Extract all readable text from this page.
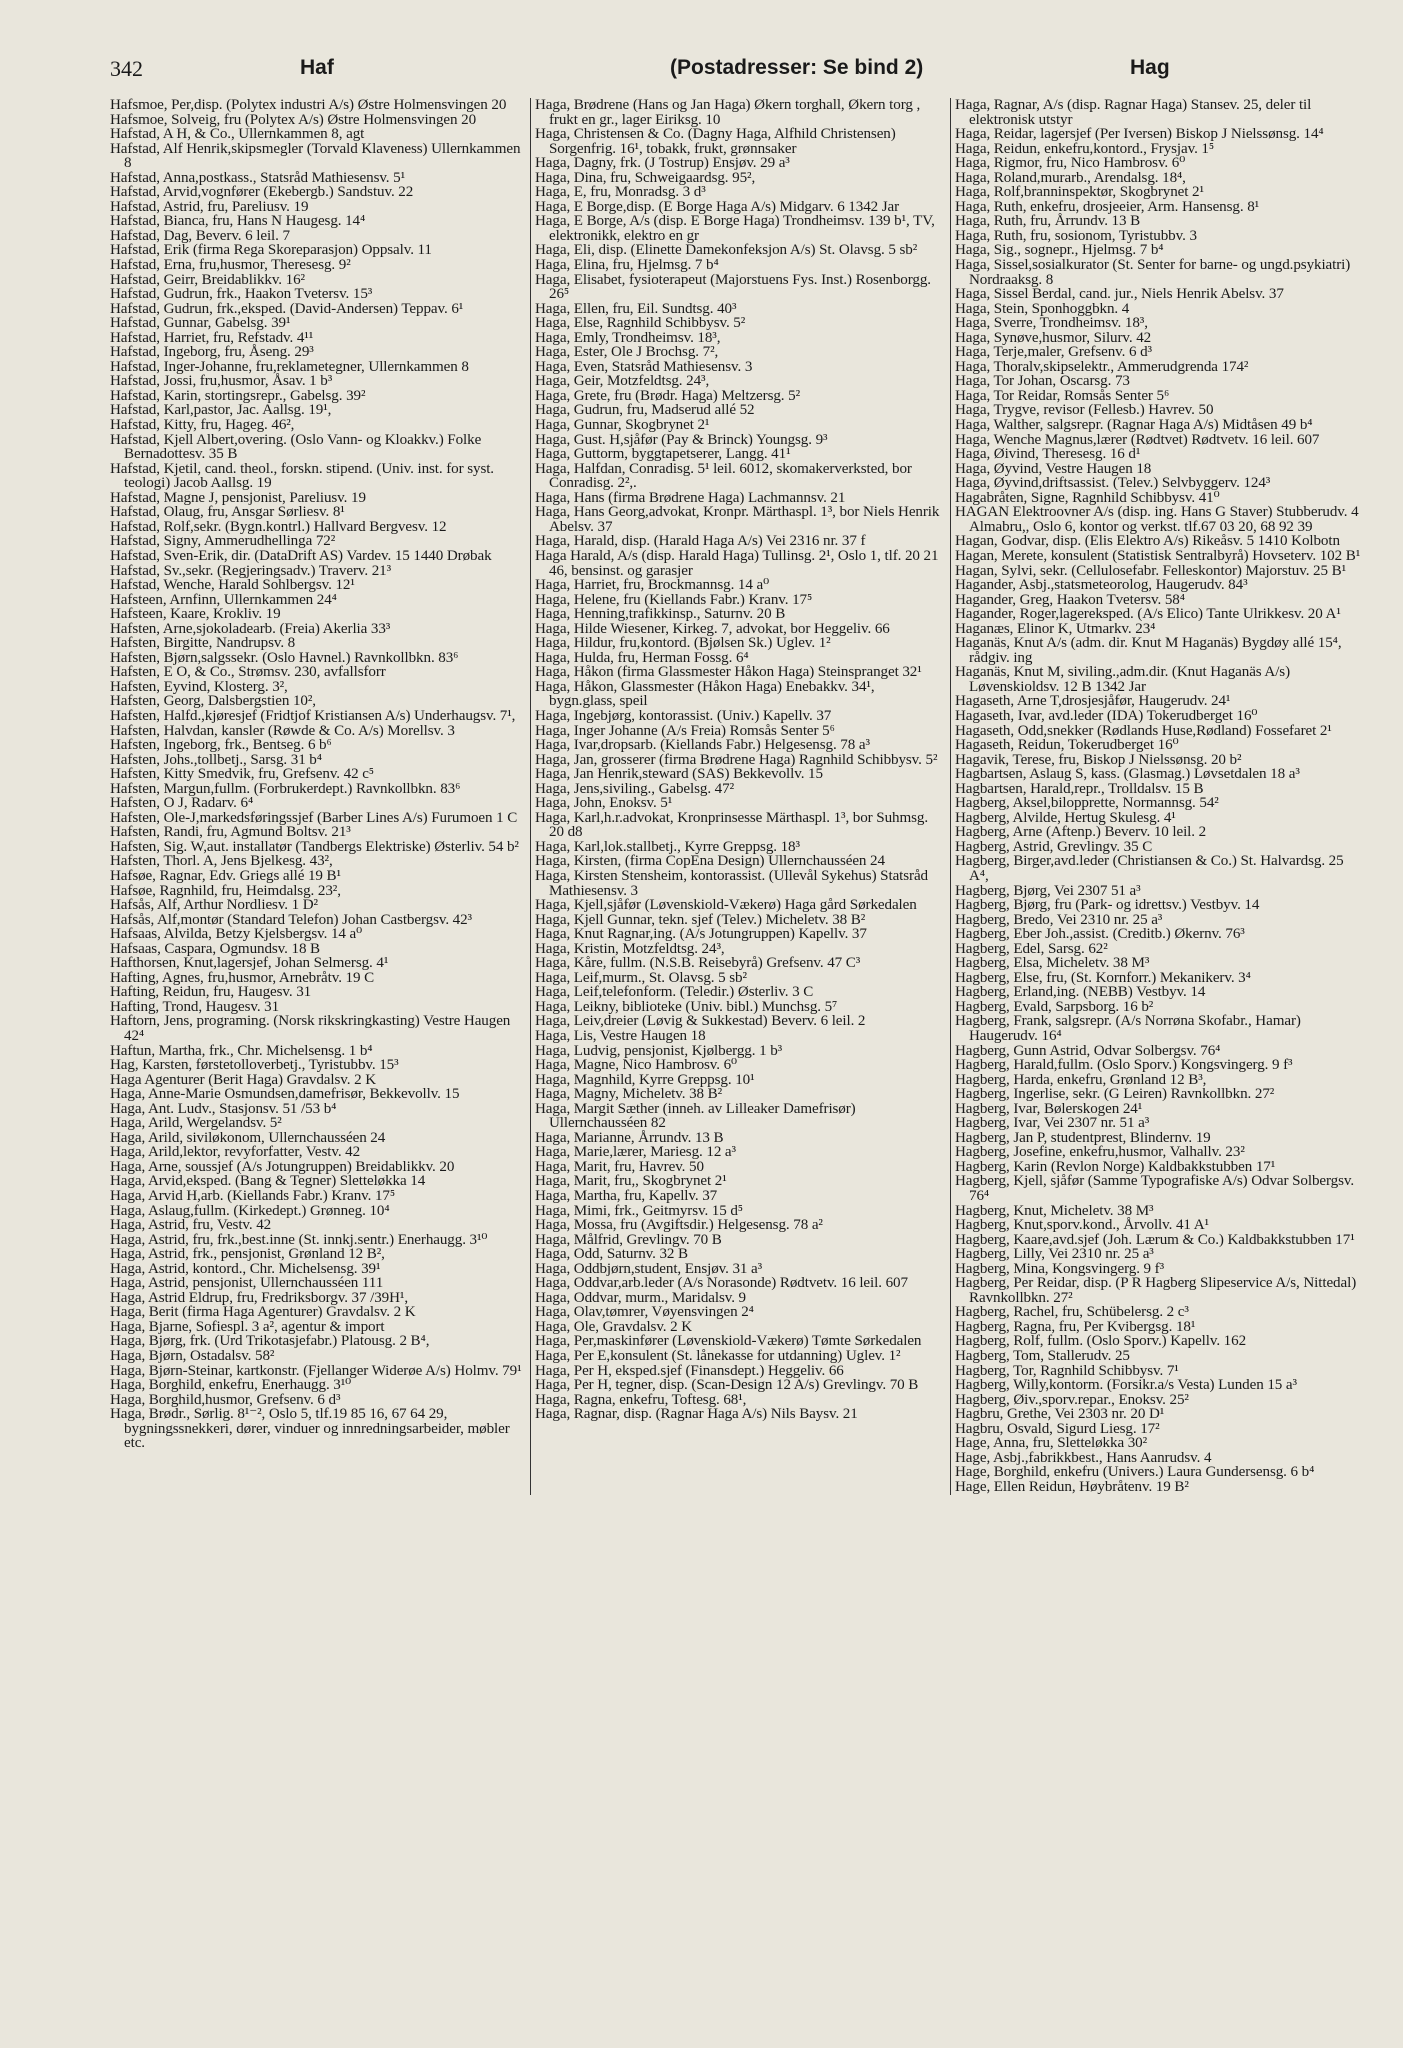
342	Haf	(Postadresser: Se bind 2)	Hag

Hafsmoe, Per,disp. (Polytex industri A/s) Østre Holmensvingen 20

Hafsmoe, Solveig, fru (Polytex A/s) Østre Holmensvingen 20

Hafstad, A H, & Co., Ullernkammen 8, agt

Hafstad, Alf Henrik,skipsmegler (Torvald Klaveness) Ullernkammen 8

Hafstad, Anna,postkass., Statsråd Mathiesensv. 5¹

Hafstad, Arvid,vognfører (Ekebergb.) Sandstuv. 22

Hafstad, Astrid, fru, Pareliusv. 19

Hafstad, Bianca, fru, Hans N Haugesg. 14⁴

Hafstad, Dag, Beverv. 6 leil. 7

Hafstad, Erik (firma Rega Skoreparasjon) Oppsalv. 11

Hafstad, Erna, fru,husmor, Theresesg. 9²

Hafstad, Geirr, Breidablikkv. 16²

Hafstad, Gudrun, frk., Haakon Tvetersv. 15³

Hafstad, Gudrun, frk.,eksped. (David-Andersen) Teppav. 6¹

Hafstad, Gunnar, Gabelsg. 39¹

Hafstad, Harriet, fru, Refstadv. 4¹¹

Hafstad, Ingeborg, fru, Åseng. 29³

Hafstad, Inger-Johanne, fru,reklametegner, Ullernkammen 8

Hafstad, Jossi, fru,husmor, Åsav. 1 b³

Hafstad, Karin, stortingsrepr., Gabelsg. 39²

Hafstad, Karl,pastor, Jac. Aallsg. 19¹,

Hafstad, Kitty, fru, Hageg. 46²,

Hafstad, Kjell Albert,overing. (Oslo Vann- og Kloakkv.) Folke Bernadottesv. 35 B

Hafstad, Kjetil, cand. theol., forskn. stipend. (Univ. inst. for syst. teologi) Jacob Aallsg. 19

Hafstad, Magne J, pensjonist, Pareliusv. 19

Hafstad, Olaug, fru, Ansgar Sørliesv. 8¹

Hafstad, Rolf,sekr. (Bygn.kontrl.) Hallvard Bergvesv. 12

Hafstad, Signy, Ammerudhellinga 72²

Hafstad, Sven-Erik, dir. (DataDrift AS) Vardev. 15 1440 Drøbak

Hafstad, Sv.,sekr. (Regjeringsadv.) Traverv. 21³

Hafstad, Wenche, Harald Sohlbergsv. 12¹

Hafsteen, Arnfinn, Ullernkammen 24⁴

Hafsteen, Kaare, Krokliv. 19

Hafsten, Arne,sjokoladearb. (Freia) Akerlia 33³

Hafsten, Birgitte, Nandrupsv. 8

Hafsten, Bjørn,salgssekr. (Oslo Havnel.) Ravnkollbkn. 83⁶

Hafsten, E O, & Co., Strømsv. 230, avfallsforr

Hafsten, Eyvind, Klosterg. 3²,

Hafsten, Georg, Dalsbergstien 10²,

Hafsten, Halfd.,kjøresjef (Fridtjof Kristiansen A/s) Underhaugsv. 7¹,

Hafsten, Halvdan, kansler (Røwde & Co. A/s) Morellsv. 3

Hafsten, Ingeborg, frk., Bentseg. 6 b⁶

Hafsten, Johs.,tollbetj., Sarsg. 31 b⁴

Hafsten, Kitty Smedvik, fru, Grefsenv. 42 c⁵

Hafsten, Margun,fullm. (Forbrukerdept.) Ravnkollbkn. 83⁶

Hafsten, O J, Radarv. 6⁴

Hafsten, Ole-J,markedsføringssjef (Barber Lines A/s) Furumoen 1 C

Hafsten, Randi, fru, Agmund Boltsv. 21³

Hafsten, Sig. W,aut. installatør (Tandbergs Elektriske) Østerliv. 54 b²

Hafsten, Thorl. A, Jens Bjelkesg. 43²,

Hafsøe, Ragnar, Edv. Griegs allé 19 B¹

Hafsøe, Ragnhild, fru, Heimdalsg. 23²,

Hafsås, Alf, Arthur Nordliesv. 1 D²

Hafsås, Alf,montør (Standard Telefon) Johan Castbergsv. 42³

Hafsaas, Alvilda, Betzy Kjelsbergsv. 14 a⁰

Hafsaas, Caspara, Ogmundsv. 18 B

Hafthorsen, Knut,lagersjef, Johan Selmersg. 4¹

Hafting, Agnes, fru,husmor, Arnebråtv. 19 C

Hafting, Reidun, fru, Haugesv. 31

Hafting, Trond, Haugesv. 31

Haftorn, Jens, programing. (Norsk rikskringkasting) Vestre Haugen 42⁴

Haftun, Martha, frk., Chr. Michelsensg. 1 b⁴

Hag, Karsten, førstetolloverbetj., Tyristubbv. 15³

Haga Agenturer (Berit Haga) Gravdalsv. 2 K

Haga, Anne-Marie Osmundsen,damefrisør, Bekkevollv. 15

Haga, Ant. Ludv., Stasjonsv. 51 /53 b⁴

Haga, Arild, Wergelandsv. 5²

Haga, Arild, siviløkonom, Ullernchausséen 24

Haga, Arild,lektor, revyforfatter, Vestv. 42

Haga, Arne, soussjef (A/s Jotungruppen) Breidablikkv. 20

Haga, Arvid,eksped. (Bang & Tegner) Sletteløkka 14

Haga, Arvid H,arb. (Kiellands Fabr.) Kranv. 17⁵

Haga, Aslaug,fullm. (Kirkedept.) Grønneg. 10⁴

Haga, Astrid, fru, Vestv. 42

Haga, Astrid, fru, frk.,best.inne (St. innkj.sentr.) Enerhaugg. 3¹⁰

Haga, Astrid, frk., pensjonist, Grønland 12 B²,

Haga, Astrid, kontord., Chr. Michelsensg. 39¹

Haga, Astrid, pensjonist, Ullernchausséen 111

Haga, Astrid Eldrup, fru, Fredriksborgv. 37 /39H¹,

Haga, Berit (firma Haga Agenturer) Gravdalsv. 2 K

Haga, Bjarne, Sofiespl. 3 a², agentur & import

Haga, Bjørg, frk. (Urd Trikotasjefabr.) Platousg. 2 B⁴,

Haga, Bjørn, Ostadalsv. 58²

Haga, Bjørn-Steinar, kartkonstr. (Fjellanger Widerøe A/s) Holmv. 79¹

Haga, Borghild, enkefru, Enerhaugg. 3¹⁰

Haga, Borghild,husmor, Grefsenv. 6 d³

Haga, Brødr., Sørlig. 8¹⁻², Oslo 5, tlf.19 85 16, 67 64 29, bygningssnekkeri, dører, vinduer og innredningsarbeider, møbler etc.

Haga, Brødrene (Hans og Jan Haga) Økern torghall, Økern torg , frukt en gr., lager Eiriksg. 10

Haga, Christensen & Co. (Dagny Haga, Alfhild Christensen) Sorgenfrig. 16¹, tobakk, frukt, grønnsaker

Haga, Dagny, frk. (J Tostrup) Ensjøv. 29 a³

Haga, Dina, fru, Schweigaardsg. 95²,

Haga, E, fru, Monradsg. 3 d³

Haga, E Borge,disp. (E Borge Haga A/s) Midgarv. 6 1342 Jar

Haga, E Borge, A/s (disp. E Borge Haga) Trondheimsv. 139 b¹, TV, elektronikk, elektro en gr

Haga, Eli, disp. (Elinette Damekonfeksjon A/s) St. Olavsg. 5 sb²

Haga, Elina, fru, Hjelmsg. 7 b⁴

Haga, Elisabet, fysioterapeut (Majorstuens Fys. Inst.) Rosenborgg. 26⁵

Haga, Ellen, fru, Eil. Sundtsg. 40³

Haga, Else, Ragnhild Schibbysv. 5²

Haga, Emly, Trondheimsv. 18³,

Haga, Ester, Ole J Brochsg. 7²,

Haga, Even, Statsråd Mathiesensv. 3

Haga, Geir, Motzfeldtsg. 24³,

Haga, Grete, fru (Brødr. Haga) Meltzersg. 5²

Haga, Gudrun, fru, Madserud allé 52

Haga, Gunnar, Skogbrynet 2¹

Haga, Gust. H,sjåfør (Pay & Brinck) Youngsg. 9³

Haga, Guttorm, byggtapetserer, Langg. 41¹

Haga, Halfdan, Conradisg. 5¹ leil. 6012, skomakerverksted, bor Conradisg. 2²,.

Haga, Hans (firma Brødrene Haga) Lachmannsv. 21

Haga, Hans Georg,advokat, Kronpr. Märthaspl. 1³, bor Niels Henrik Abelsv. 37

Haga, Harald, disp. (Harald Haga A/s) Vei 2316 nr. 37 f

Haga Harald, A/s (disp. Harald Haga) Tullinsg. 2¹, Oslo 1, tlf. 20 21 46, bensinst. og garasjer

Haga, Harriet, fru, Brockmannsg. 14 a⁰

Haga, Helene, fru (Kiellands Fabr.) Kranv. 17⁵

Haga, Henning,trafikkinsp., Saturnv. 20 B

Haga, Hilde Wiesener, Kirkeg. 7, advokat, bor Heggeliv. 66

Haga, Hildur, fru,kontord. (Bjølsen Sk.) Uglev. 1²

Haga, Hulda, fru, Herman Fossg. 6⁴

Haga, Håkon (firma Glassmester Håkon Haga) Steinspranget 32¹

Haga, Håkon, Glassmester (Håkon Haga) Enebakkv. 34¹, bygn.glass, speil

Haga, Ingebjørg, kontorassist. (Univ.) Kapellv. 37

Haga, Inger Johanne (A/s Freia) Romsås Senter 5⁶

Haga, Ivar,dropsarb. (Kiellands Fabr.) Helgesensg. 78 a³

Haga, Jan, grosserer (firma Brødrene Haga) Ragnhild Schibbysv. 5²

Haga, Jan Henrik,steward (SAS) Bekkevollv. 15

Haga, Jens,siviling., Gabelsg. 47²

Haga, John, Enoksv. 5¹

Haga, Karl,h.r.advokat, Kronprinsesse Märthaspl. 1³, bor Suhmsg. 20 d8

Haga, Karl,lok.stallbetj., Kyrre Greppsg. 18³

Haga, Kirsten, (firma CopEna Design) Ullernchausséen 24

Haga, Kirsten Stensheim, kontorassist. (Ullevål Sykehus) Statsråd Mathiesensv. 3

Haga, Kjell,sjåfør (Løvenskiold-Vækerø) Haga gård Sørkedalen

Haga, Kjell Gunnar, tekn. sjef (Telev.) Micheletv. 38 B²

Haga, Knut Ragnar,ing. (A/s Jotungruppen) Kapellv. 37

Haga, Kristin, Motzfeldtsg. 24³,

Haga, Kåre, fullm. (N.S.B. Reisebyrå) Grefsenv. 47 C³

Haga, Leif,murm., St. Olavsg. 5 sb²

Haga, Leif,telefonform. (Teledir.) Østerliv. 3 C

Haga, Leikny, biblioteke (Univ. bibl.) Munchsg. 5⁷

Haga, Leiv,dreier (Løvig & Sukkestad) Beverv. 6 leil. 2

Haga, Lis, Vestre Haugen 18

Haga, Ludvig, pensjonist, Kjølbergg. 1 b³

Haga, Magne, Nico Hambrosv. 6⁰

Haga, Magnhild, Kyrre Greppsg. 10¹

Haga, Magny, Micheletv. 38 B²

Haga, Margit Sæther (inneh. av Lilleaker Damefrisør) Ullernchausséen 82

Haga, Marianne, Årrundv. 13 B

Haga, Marie,lærer, Mariesg. 12 a³

Haga, Marit, fru, Havrev. 50

Haga, Marit, fru,, Skogbrynet 2¹

Haga, Martha, fru, Kapellv. 37

Haga, Mimi, frk., Geitmyrsv. 15 d⁵

Haga, Mossa, fru (Avgiftsdir.) Helgesensg. 78 a²

Haga, Målfrid, Grevlingv. 70 B

Haga, Odd, Saturnv. 32 B

Haga, Oddbjørn,student, Ensjøv. 31 a³

Haga, Oddvar,arb.leder (A/s Norasonde) Rødtvetv. 16 leil. 607

Haga, Oddvar, murm., Maridalsv. 9

Haga, Olav,tømrer, Vøyensvingen 2⁴

Haga, Ole, Gravdalsv. 2 K

Haga, Per,maskinfører (Løvenskiold-Vækerø) Tømte Sørkedalen

Haga, Per E,konsulent (St. lånekasse for utdanning) Uglev. 1²

Haga, Per H, eksped.sjef (Finansdept.) Heggeliv. 66

Haga, Per H, tegner, disp. (Scan-Design 12 A/s) Grevlingv. 70 B

Haga, Ragna, enkefru, Toftesg. 68¹,

Haga, Ragnar, disp. (Ragnar Haga A/s) Nils Baysv. 21

Haga, Ragnar, A/s (disp. Ragnar Haga) Stansev. 25, deler til elektronisk utstyr

Haga, Reidar, lagersjef (Per Iversen) Biskop J Nielssønsg. 14⁴

Haga, Reidun, enkefru,kontord., Frysjav. 1⁵

Haga, Rigmor, fru, Nico Hambrosv. 6⁰

Haga, Roland,murarb., Arendalsg. 18⁴,

Haga, Rolf,branninspektør, Skogbrynet 2¹

Haga, Ruth, enkefru, drosjeeier, Arm. Hansensg. 8¹

Haga, Ruth, fru, Årrundv. 13 B

Haga, Ruth, fru, sosionom, Tyristubbv. 3

Haga, Sig., sognepr., Hjelmsg. 7 b⁴

Haga, Sissel,sosialkurator (St. Senter for barne- og ungd.psykiatri) Nordraaksg. 8

Haga, Sissel Berdal, cand. jur., Niels Henrik Abelsv. 37

Haga, Stein, Sponhoggbkn. 4

Haga, Sverre, Trondheimsv. 18³,

Haga, Synøve,husmor, Silurv. 42

Haga, Terje,maler, Grefsenv. 6 d³

Haga, Thoralv,skipselektr., Ammerudgrenda 174²

Haga, Tor Johan, Oscarsg. 73

Haga, Tor Reidar, Romsås Senter 5⁶

Haga, Trygve, revisor (Fellesb.) Havrev. 50

Haga, Walther, salgsrepr. (Ragnar Haga A/s) Midtåsen 49 b⁴

Haga, Wenche Magnus,lærer (Rødtvet) Rødtvetv. 16 leil. 607

Haga, Øivind, Theresesg. 16 d¹

Haga, Øyvind, Vestre Haugen 18

Haga, Øyvind,driftsassist. (Telev.) Selvbyggerv. 124³

Hagabråten, Signe, Ragnhild Schibbysv. 41⁰

HAGAN Elektroovner A/s (disp. ing. Hans G Staver) Stubberudv. 4 Almabru,, Oslo 6, kontor og verkst. tlf.67 03 20, 68 92 39

Hagan, Godvar, disp. (Elis Elektro A/s) Rikeåsv. 5 1410 Kolbotn

Hagan, Merete, konsulent (Statistisk Sentralbyrå) Hovseterv. 102 B¹

Hagan, Sylvi, sekr. (Cellulosefabr. Felleskontor) Majorstuv. 25 B¹

Hagander, Asbj.,statsmeteorolog, Haugerudv. 84³

Hagander, Greg, Haakon Tvetersv. 58⁴

Hagander, Roger,lagereksped. (A/s Elico) Tante Ulrikkesv. 20 A¹

Haganæs, Elinor K, Utmarkv. 23⁴

Haganäs, Knut A/s (adm. dir. Knut M Haganäs) Bygdøy allé 15⁴, rådgiv. ing

Haganäs, Knut M, siviling.,adm.dir. (Knut Haganäs A/s) Løvenskioldsv. 12 B 1342 Jar

Hagaseth, Arne T,drosjesjåfør, Haugerudv. 24¹

Hagaseth, Ivar, avd.leder (IDA) Tokerudberget 16⁰

Hagaseth, Odd,snekker (Rødlands Huse,Rødland) Fossefaret 2¹

Hagaseth, Reidun, Tokerudberget 16⁰

Hagavik, Terese, fru, Biskop J Nielssønsg. 20 b²

Hagbartsen, Aslaug S, kass. (Glasmag.) Løvsetdalen 18 a³

Hagbartsen, Harald,repr., Trolldalsv. 15 B

Hagberg, Aksel,bilopprette, Normannsg. 54²

Hagberg, Alvilde, Hertug Skulesg. 4¹

Hagberg, Arne (Aftenp.) Beverv. 10 leil. 2

Hagberg, Astrid, Grevlingv. 35 C

Hagberg, Birger,avd.leder (Christiansen & Co.) St. Halvardsg. 25 A⁴,

Hagberg, Bjørg, Vei 2307 51 a³

Hagberg, Bjørg, fru (Park- og idrettsv.) Vestbyv. 14

Hagberg, Bredo, Vei 2310 nr. 25 a³

Hagberg, Eber Joh.,assist. (Creditb.) Økernv. 76³

Hagberg, Edel, Sarsg. 62²

Hagberg, Elsa, Micheletv. 38 M³

Hagberg, Else, fru, (St. Kornforr.) Mekanikerv. 3⁴

Hagberg, Erland,ing. (NEBB) Vestbyv. 14

Hagberg, Evald, Sarpsborg. 16 b²

Hagberg, Frank, salgsrepr. (A/s Norrøna Skofabr., Hamar) Haugerudv. 16⁴

Hagberg, Gunn Astrid, Odvar Solbergsv. 76⁴

Hagberg, Harald,fullm. (Oslo Sporv.) Kongsvingerg. 9 f³

Hagberg, Harda, enkefru, Grønland 12 B³,

Hagberg, Ingerlise, sekr. (G Leiren) Ravnkollbkn. 27²

Hagberg, Ivar, Bølerskogen 24¹

Hagberg, Ivar, Vei 2307 nr. 51 a³

Hagberg, Jan P, studentprest, Blindernv. 19

Hagberg, Josefine, enkefru,husmor, Valhallv. 23²

Hagberg, Karin (Revlon Norge) Kaldbakkstubben 17¹

Hagberg, Kjell, sjåfør (Samme Typografiske A/s) Odvar Solbergsv. 76⁴

Hagberg, Knut, Micheletv. 38 M³

Hagberg, Knut,sporv.kond., Årvollv. 41 A¹

Hagberg, Kaare,avd.sjef (Joh. Lærum & Co.) Kaldbakkstubben 17¹

Hagberg, Lilly, Vei 2310 nr. 25 a³

Hagberg, Mina, Kongsvingerg. 9 f³

Hagberg, Per Reidar, disp. (P R Hagberg Slipeservice A/s, Nittedal) Ravnkollbkn. 27²

Hagberg, Rachel, fru, Schübelersg. 2 c³

Hagberg, Ragna, fru, Per Kvibergsg. 18¹

Hagberg, Rolf, fullm. (Oslo Sporv.) Kapellv. 162

Hagberg, Tom, Stallerudv. 25

Hagberg, Tor, Ragnhild Schibbysv. 7¹

Hagberg, Willy,kontorm. (Forsikr.a/s Vesta) Lunden 15 a³

Hagberg, Øiv.,sporv.repar., Enoksv. 25²

Hagbru, Grethe, Vei 2303 nr. 20 D¹

Hagbru, Osvald, Sigurd Liesg. 17²

Hage, Anna, fru, Sletteløkka 30²

Hage, Asbj.,fabrikkbest., Hans Aanrudsv. 4

Hage, Borghild, enkefru (Univers.) Laura Gundersensg. 6 b⁴

Hage, Ellen Reidun, Høybråtenv. 19 B²
